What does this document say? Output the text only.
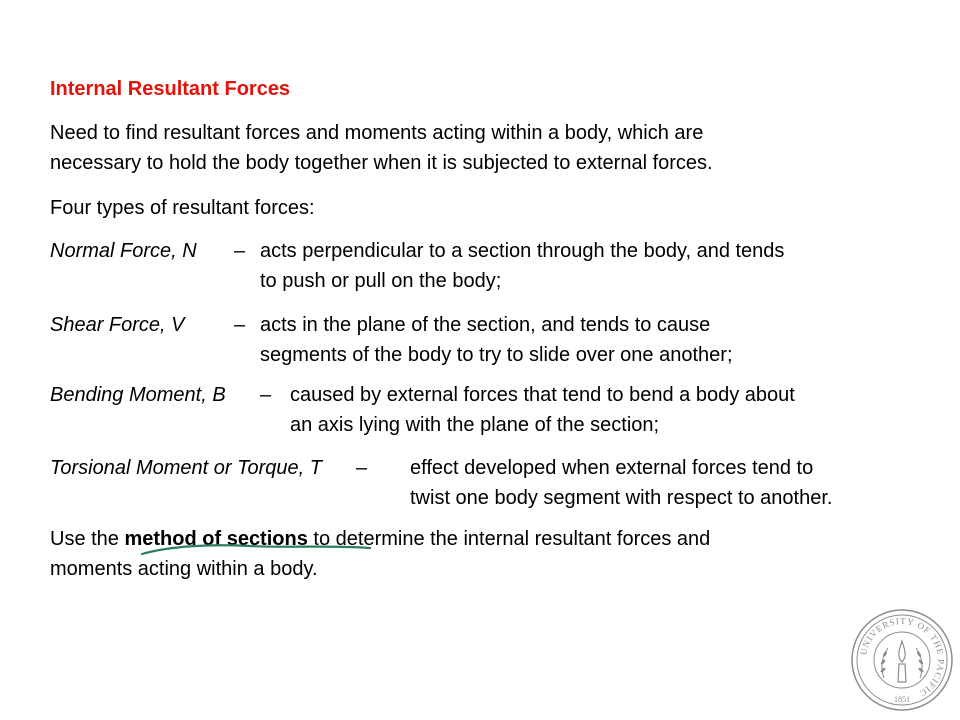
Internal Resultant Forces
Need to find resultant forces and moments acting within a body, which are
necessary to hold the body together when it is subjected to external forces.
Four types of resultant forces:
Normal Force, N – acts perpendicular to a section through the body, and tends
to push or pull on the body;
Shear Force, V – acts in the plane of the section, and tends to cause
segments of the body to try to slide over one another;
Bending Moment, B – caused by external forces that tend to bend a body about
an axis lying with the plane of the section;
Torsional Moment or Torque, T – effect developed when external forces tend to
twist one body segment with respect to another.
Use the method of sections to determine the internal resultant forces and
moments acting within a body.
UNIVERSITY OF THE PACIFIC
1851
